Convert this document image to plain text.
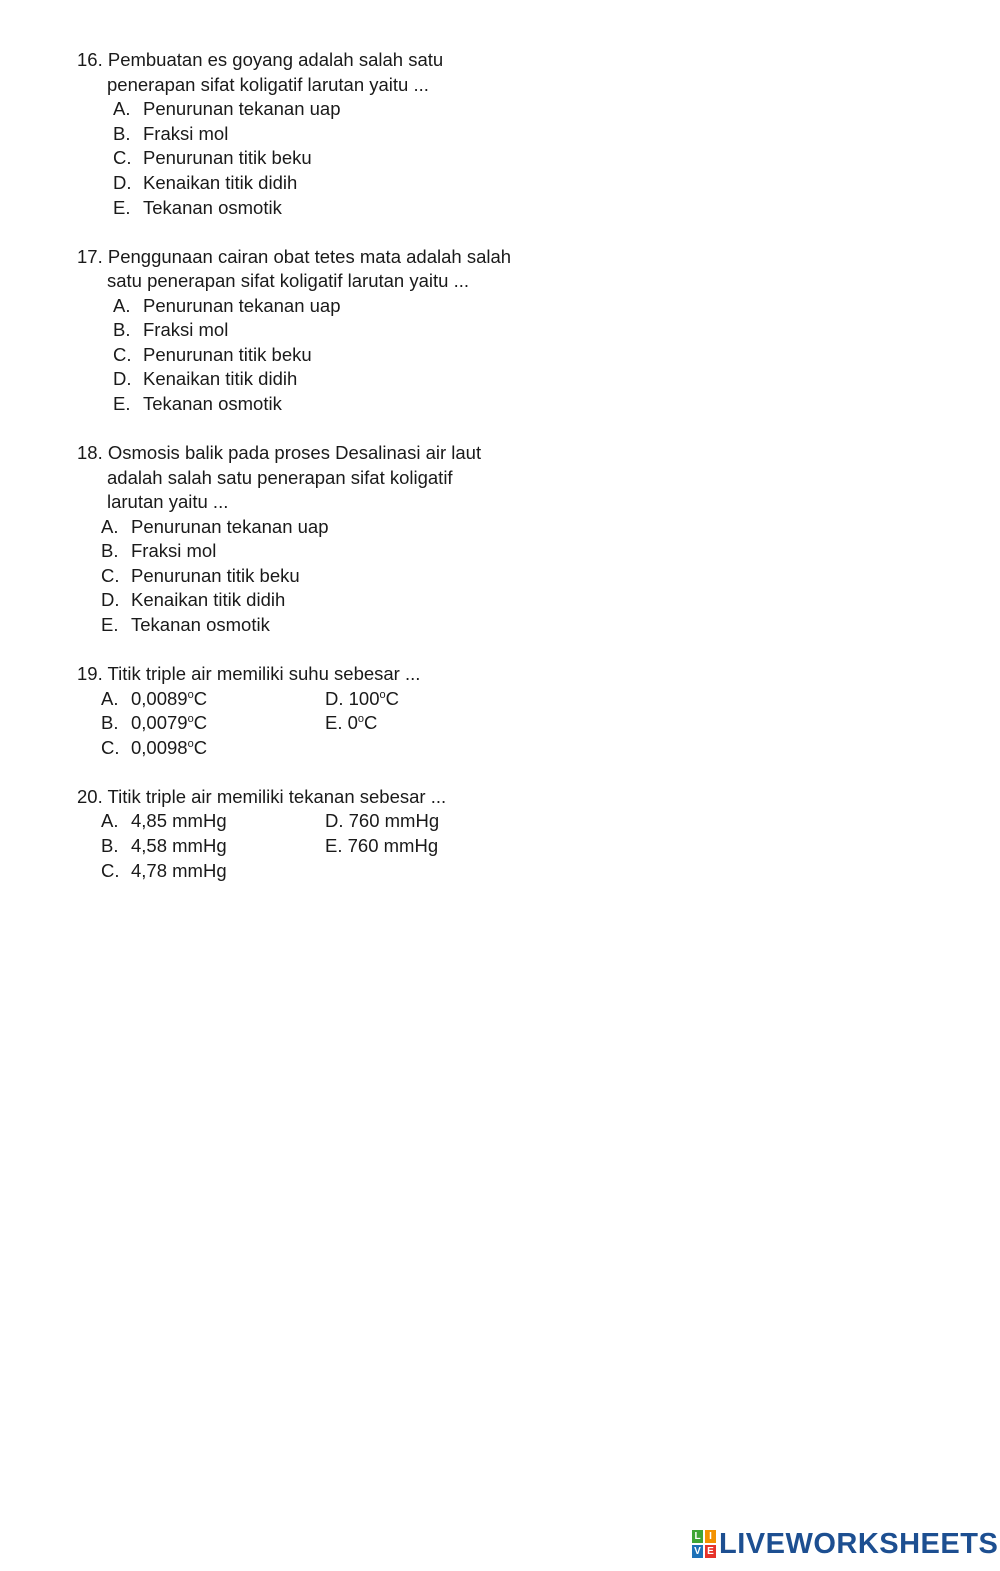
16. Pembuatan es goyang adalah salah satu
penerapan sifat koligatif larutan yaitu ...
A. Penurunan tekanan uap
B. Fraksi mol
C. Penurunan titik beku
D. Kenaikan titik didih
E. Tekanan osmotik
17. Penggunaan cairan obat tetes mata adalah salah
satu penerapan sifat koligatif larutan yaitu ...
A. Penurunan tekanan uap
B. Fraksi mol
C. Penurunan titik beku
D. Kenaikan titik didih
E. Tekanan osmotik
18. Osmosis balik pada proses Desalinasi air laut
adalah salah satu penerapan sifat koligatif
larutan yaitu ...
A. Penurunan tekanan uap
B. Fraksi mol
C. Penurunan titik beku
D. Kenaikan titik didih
E. Tekanan osmotik
19. Titik triple air memiliki suhu sebesar ...
A. 0,0089$^o$C
B. 0,0079$^o$C
C. 0,0098$^o$C
D. 100$^o$C
E. 0$^o$C
20. Titik triple air memiliki tekanan sebesar ...
A. 4,85 mmHg
B. 4,58 mmHg
C. 4,78 mmHg
D. 760 mmHg
E. 760 mmHg
L I
V E LIVEWORKSHEETS
